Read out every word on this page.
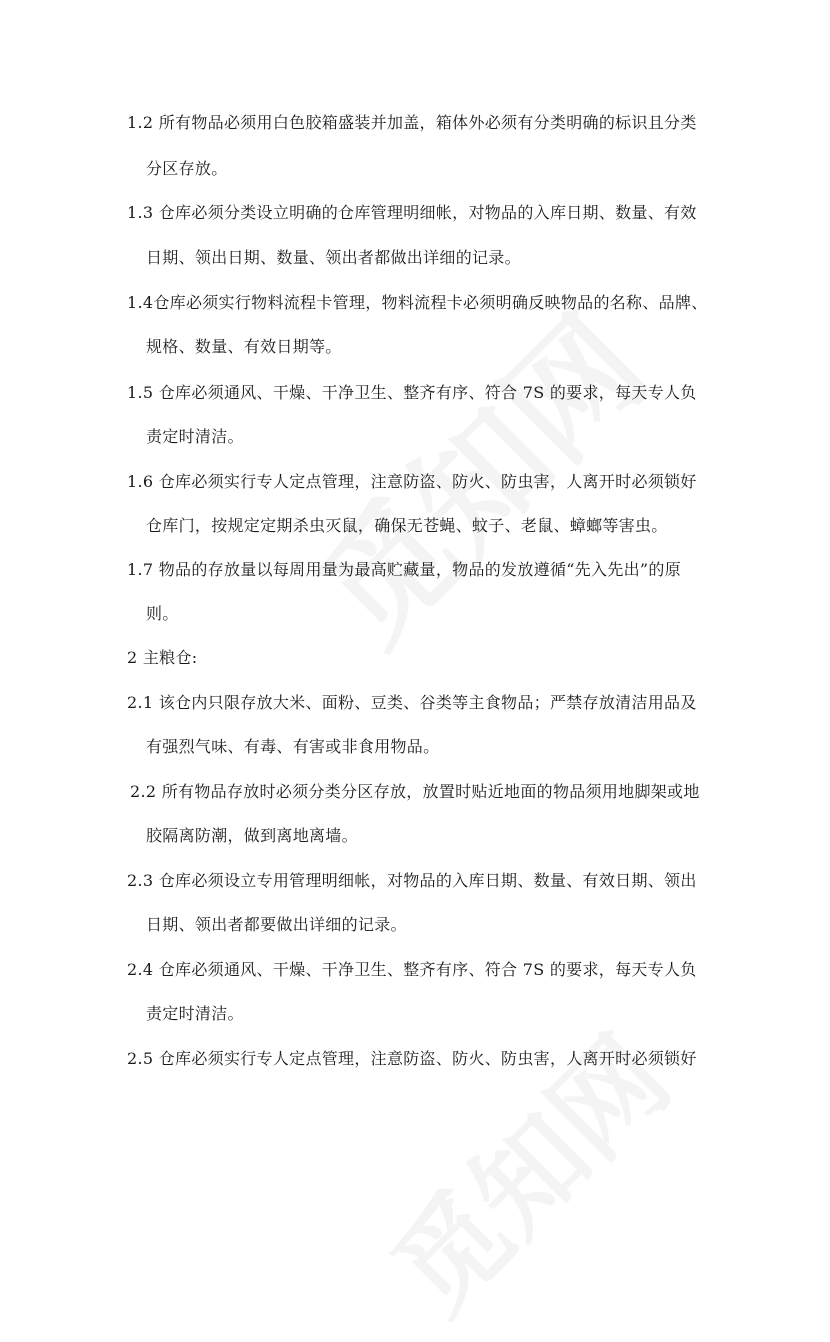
1.2 所有物品必须用白色胶箱盛装并加盖，箱体外必须有分类明确的标识且分类
分区存放。
1.3 仓库必须分类设立明确的仓库管理明细帐，对物品的入库日期、数量、有效
日期、领出日期、数量、领出者都做出详细的记录。
1.4仓库必须实行物料流程卡管理，物料流程卡必须明确反映物品的名称、品牌、
规格、数量、有效日期等。
1.5 仓库必须通风、干燥、干净卫生、整齐有序、符合 7S 的要求，每天专人负
责定时清洁。
1.6 仓库必须实行专人定点管理，注意防盗、防火、防虫害，人离开时必须锁好
仓库门，按规定定期杀虫灭鼠，确保无苍蝇、蚊子、老鼠、蟑螂等害虫。
1.7 物品的存放量以每周用量为最高贮藏量，物品的发放遵循“先入先出”的原
则。
2 主粮仓:
2.1 该仓内只限存放大米、面粉、豆类、谷类等主食物品；严禁存放清洁用品及
有强烈气味、有毒、有害或非食用物品。
2.2 所有物品存放时必须分类分区存放，放置时贴近地面的物品须用地脚架或地
胶隔离防潮，做到离地离墙。
2.3 仓库必须设立专用管理明细帐，对物品的入库日期、数量、有效日期、领出
日期、领出者都要做出详细的记录。
2.4 仓库必须通风、干燥、干净卫生、整齐有序、符合 7S 的要求，每天专人负
责定时清洁。
2.5 仓库必须实行专人定点管理，注意防盗、防火、防虫害，人离开时必须锁好
